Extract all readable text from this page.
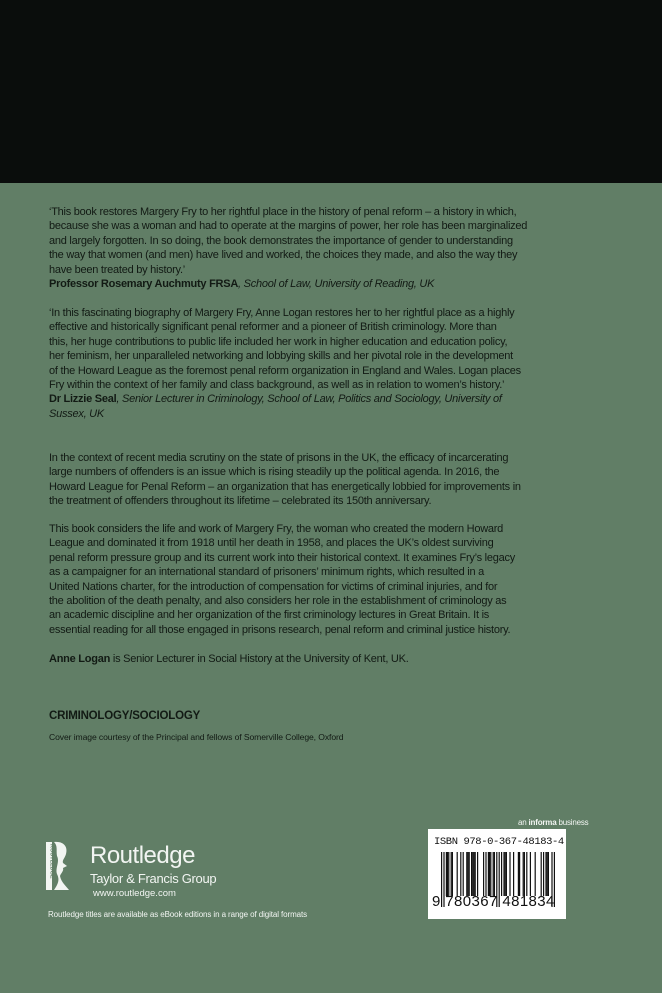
‘This book restores Margery Fry to her rightful place in the history of penal reform – a history in which,
because she was a woman and had to operate at the margins of power, her role has been marginalized
and largely forgotten. In so doing, the book demonstrates the importance of gender to understanding
the way that women (and men) have lived and worked, the choices they made, and also the way they
have been treated by history.’
Professor Rosemary Auchmuty FRSA, School of Law, University of Reading, UK
‘In this fascinating biography of Margery Fry, Anne Logan restores her to her rightful place as a highly
effective and historically significant penal reformer and a pioneer of British criminology. More than
this, her huge contributions to public life included her work in higher education and education policy,
her feminism, her unparalleled networking and lobbying skills and her pivotal role in the development
of the Howard League as the foremost penal reform organization in England and Wales. Logan places
Fry within the context of her family and class background, as well as in relation to women’s history.’
Dr Lizzie Seal, Senior Lecturer in Criminology, School of Law, Politics and Sociology, University of
Sussex, UK
In the context of recent media scrutiny on the state of prisons in the UK, the efficacy of incarcerating
large numbers of offenders is an issue which is rising steadily up the political agenda. In 2016, the
Howard League for Penal Reform – an organization that has energetically lobbied for improvements in
the treatment of offenders throughout its lifetime – celebrated its 150th anniversary.
This book considers the life and work of Margery Fry, the woman who created the modern Howard
League and dominated it from 1918 until her death in 1958, and places the UK’s oldest surviving
penal reform pressure group and its current work into their historical context. It examines Fry’s legacy
as a campaigner for an international standard of prisoners’ minimum rights, which resulted in a
United Nations charter, for the introduction of compensation for victims of criminal injuries, and for
the abolition of the death penalty, and also considers her role in the establishment of criminology as
an academic discipline and her organization of the first criminology lectures in Great Britain. It is
essential reading for all those engaged in prisons research, penal reform and criminal justice history.
Anne Logan is Senior Lecturer in Social History at the University of Kent, UK.
CRIMINOLOGY/SOCIOLOGY
Cover image courtesy of the Principal and fellows of Somerville College, Oxford
ROUTLEDGE Routledge
Taylor & Francis Group
www.routledge.com
Routledge titles are available as eBook editions in a range of digital formats
an informa business
ISBN 978-0-367-48183-4
9 780367 481834
